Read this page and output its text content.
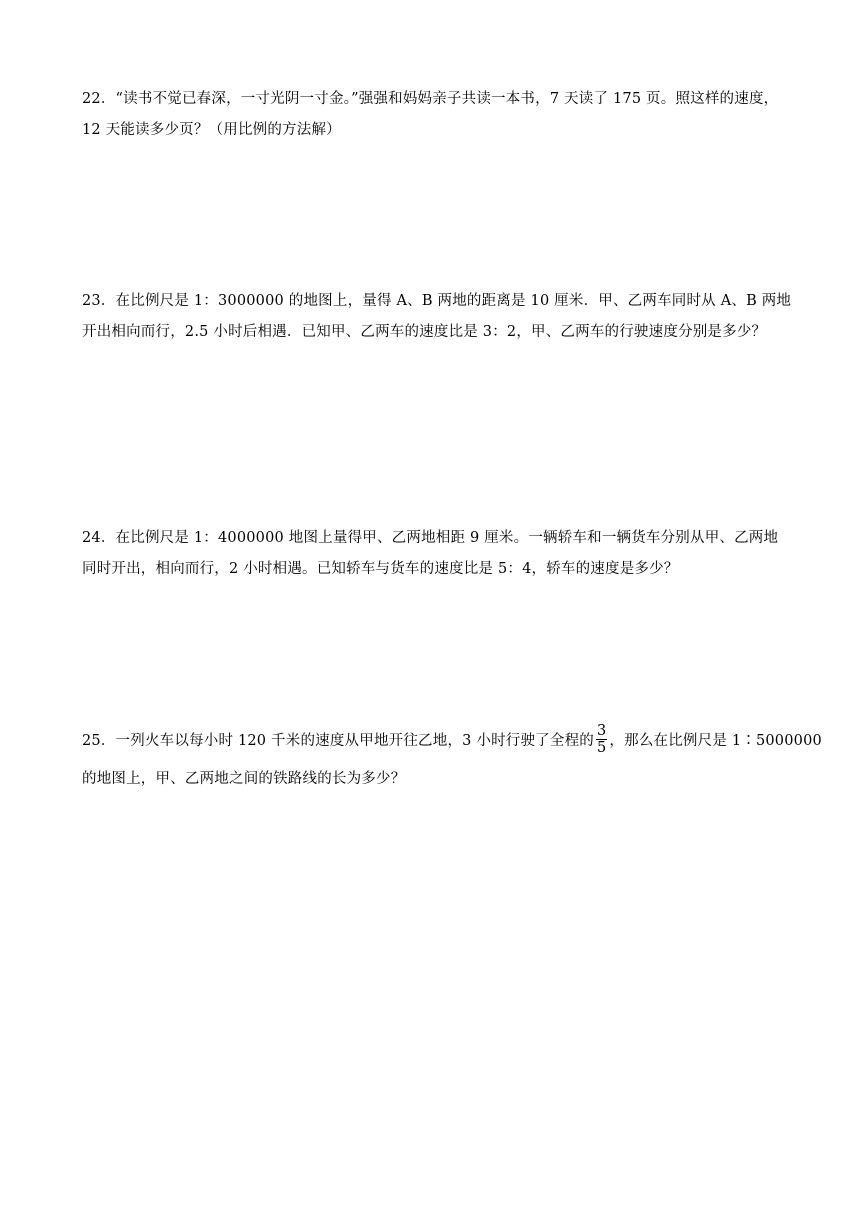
22．“读书不觉已春深，一寸光阴一寸金。”强强和妈妈亲子共读一本书，7 天读了 175 页。照这样的速度，
12 天能读多少页？（用比例的方法解）
23．在比例尺是 1：3000000 的地图上，量得 A、B 两地的距离是 10 厘米．甲、乙两车同时从 A、B 两地
开出相向而行，2.5 小时后相遇．已知甲、乙两车的速度比是 3：2，甲、乙两车的行驶速度分别是多少？
24．在比例尺是 1：4000000 地图上量得甲、乙两地相距 9 厘米。一辆轿车和一辆货车分别从甲、乙两地
同时开出，相向而行，2 小时相遇。已知轿车与货车的速度比是 5：4，轿车的速度是多少？
25．一列火车以每小时 120 千米的速度从甲地开往乙地，3 小时行驶了全程的 $\frac{3}{5}$ ，那么在比例尺是 1∶5000000
的地图上，甲、乙两地之间的铁路线的长为多少？
